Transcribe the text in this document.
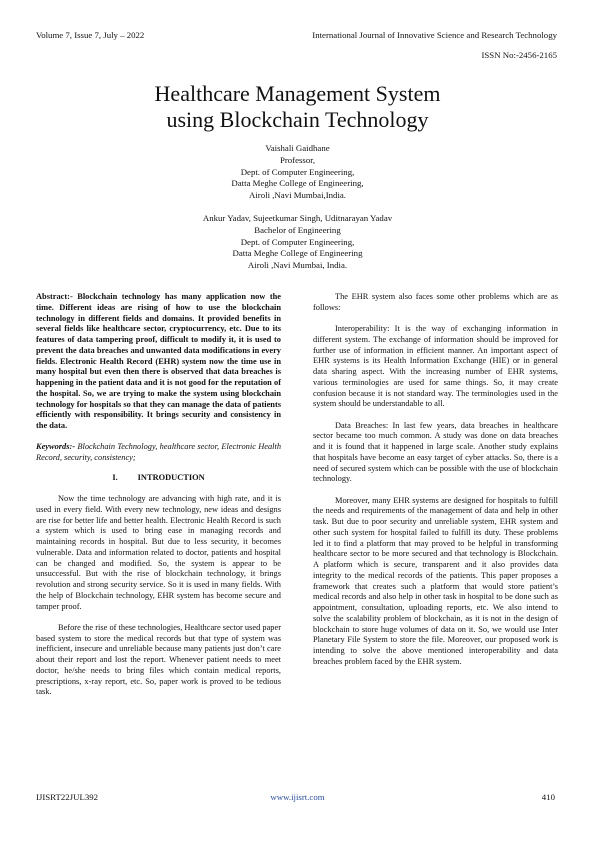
Volume 7, Issue 7, July – 2022	International Journal of Innovative Science and Research Technology
ISSN No:-2456-2165
Healthcare Management System
using Blockchain Technology
Vaishali Gaidhane
Professor,
Dept. of Computer Engineering,
Datta Meghe College of Engineering,
Airoli ,Navi Mumbai,India.
Ankur Yadav, Sujeetkumar Singh, Uditnarayan Yadav
Bachelor of Engineering
Dept. of Computer Engineering,
Datta Meghe College of Engineering
Airoli ,Navi Mumbai, India.

Abstract:- Blockchain technology has many application now the time. Different ideas are rising of how to use the blockchain technology in different fields and domains. It provided benefits in several fields like healthcare sector, cryptocurrency, etc. Due to its features of data tampering proof, difficult to modify it, it is used to prevent the data breaches and unwanted data modifications in every fields. Electronic Health Record (EHR) system now the time use in many hospital but even then there is observed that data breaches is happening in the patient data and it is not good for the reputation of the hospital. So, we are trying to make the system using blockchain technology for hospitals so that they can manage the data of patients efficiently with responsibility. It brings security and consistency in the data.

Keywords:- Blockchain Technology, healthcare sector, Electronic Health Record, security, consistency;

I. INTRODUCTION

Now the time technology are advancing with high rate, and it is used in every field. With every new technology, new ideas and designs are rise for better life and better health. Electronic Health Record is such a system which is used to bring ease in managing records and maintaining records in hospital. But due to less security, it becomes vulnerable. Data and information related to doctor, patients and hospital can be changed and modified. So, the system is appear to be unsuccessful. But with the rise of blockchain technology, it brings revolution and strong security service. So it is used in many fields. With the help of Blockchain technology, EHR system has become secure and tamper proof.

Before the rise of these technologies, Healthcare sector used paper based system to store the medical records but that type of system was inefficient, insecure and unreliable because many patients just don’t care about their report and lost the report. Whenever patient needs to meet doctor, he/she needs to bring files which contain medical reports, prescriptions, x-ray report, etc. So, paper work is proved to be tedious task.

The EHR system also faces some other problems which are as follows:

Interoperability: It is the way of exchanging information in different system. The exchange of information should be improved for further use of information in efficient manner. An important aspect of EHR systems is its Health Information Exchange (HIE) or in general data sharing aspect. With the increasing number of EHR systems, various terminologies are used for same things. So, it may create confusion because it is not standard way. The terminologies used in the system should be understandable to all.

Data Breaches: In last few years, data breaches in healthcare sector became too much common. A study was done on data breaches and it is found that it happened in large scale. Another study explains that hospitals have become an easy target of cyber attacks. So, there is a need of secured system which can be possible with the use of blockchain technology.

Moreover, many EHR systems are designed for hospitals to fulfill the needs and requirements of the management of data and help in other task. But due to poor security and unreliable system, EHR system and other such system for hospital failed to fulfill its duty. These problems led it to find a platform that may proved to be helpful in transforming healthcare sector to be more secured and that technology is Blockchain. A platform which is secure, transparent and it also provides data integrity to the medical records of the patients. This paper proposes a framework that creates such a platform that would store patient’s medical records and also help in other task in hospital to be done such as appointment, consultation, uploading reports, etc. We also intend to solve the scalability problem of blockchain, as it is not in the design of blockchain to store huge volumes of data on it. So, we would use Inter Planetary File System to store the file. Moreover, our proposed work is intending to solve the above mentioned interoperability and data breaches problem faced by the EHR system.

IJISRT22JUL392	www.ijisrt.com	410
